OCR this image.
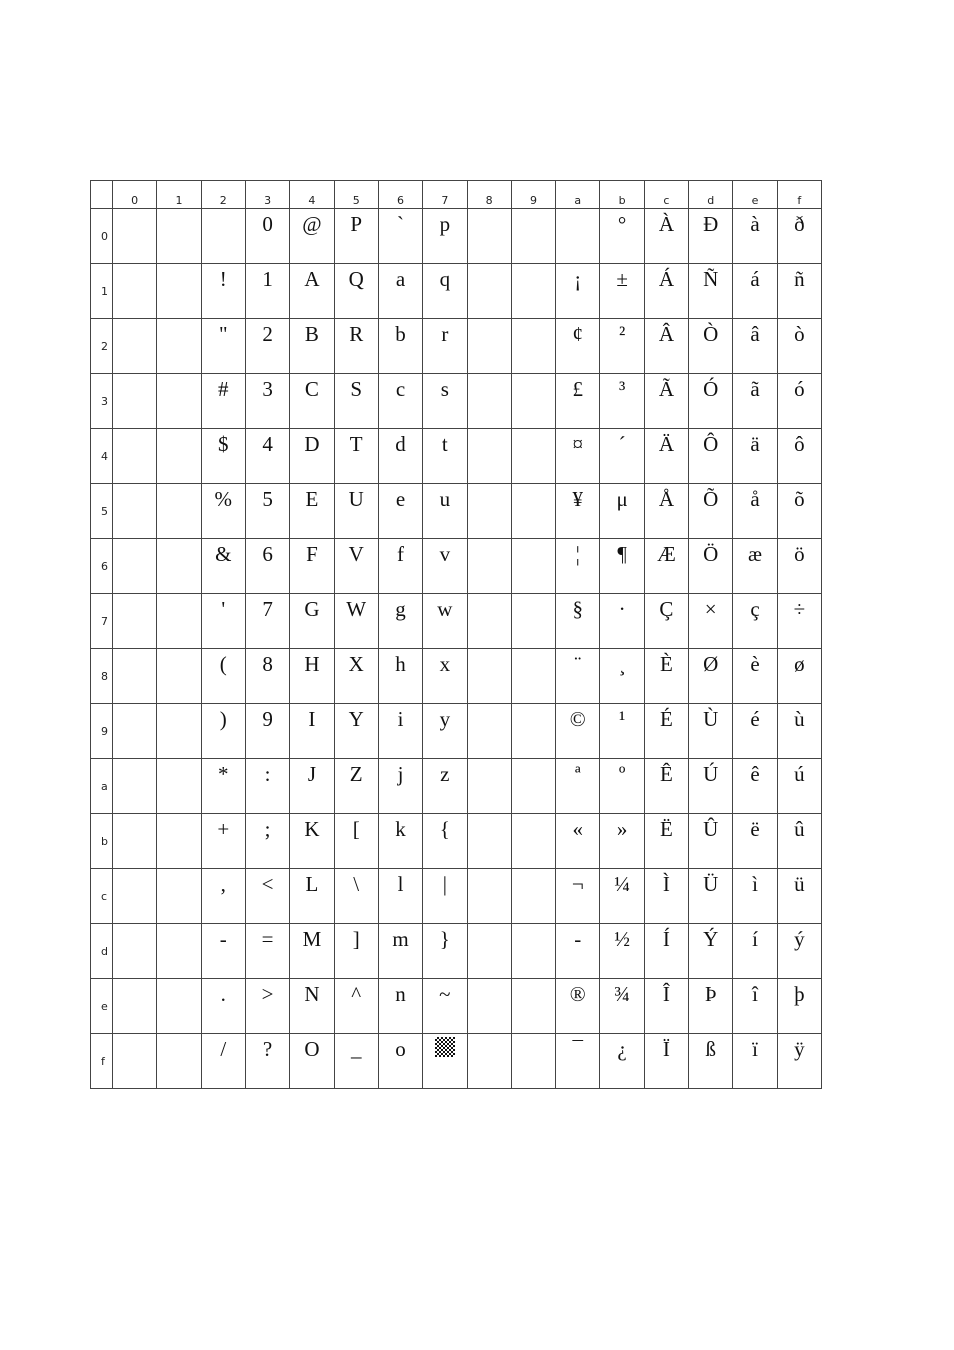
	0	1	2	3	4	5	6	7	8	9	a	b	c	d	e	f
0				0	@	P	`	p				°	À	Ð	à	ð
1			!	1	A	Q	a	q			¡	±	Á	Ñ	á	ñ
2			"	2	B	R	b	r			¢	²	Â	Ò	â	ò
3			#	3	C	S	c	s			£	³	Ã	Ó	ã	ó
4			$	4	D	T	d	t			¤	´	Ä	Ô	ä	ô
5			%	5	E	U	e	u			¥	μ	Å	Õ	å	õ
6			&	6	F	V	f	v			¦	¶	Æ	Ö	æ	ö
7			'	7	G	W	g	w			§	·	Ç	×	ç	÷
8			(	8	H	X	h	x			¨	¸	È	Ø	è	ø
9			)	9	I	Y	i	y			©	¹	É	Ù	é	ù
a			*	:	J	Z	j	z			ª	º	Ê	Ú	ê	ú
b			+	;	K	[	k	{			«	»	Ë	Û	ë	û
c			,	<	L	\	l	|			¬	¼	Ì	Ü	ì	ü
d			-	=	M	]	m	}			-	½	Í	Ý	í	ý
e			.	>	N	^	n	~			®	¾	Î	Þ	î	þ
f			/	?	O	_	o				¯	¿	Ï	ß	ï	ÿ
